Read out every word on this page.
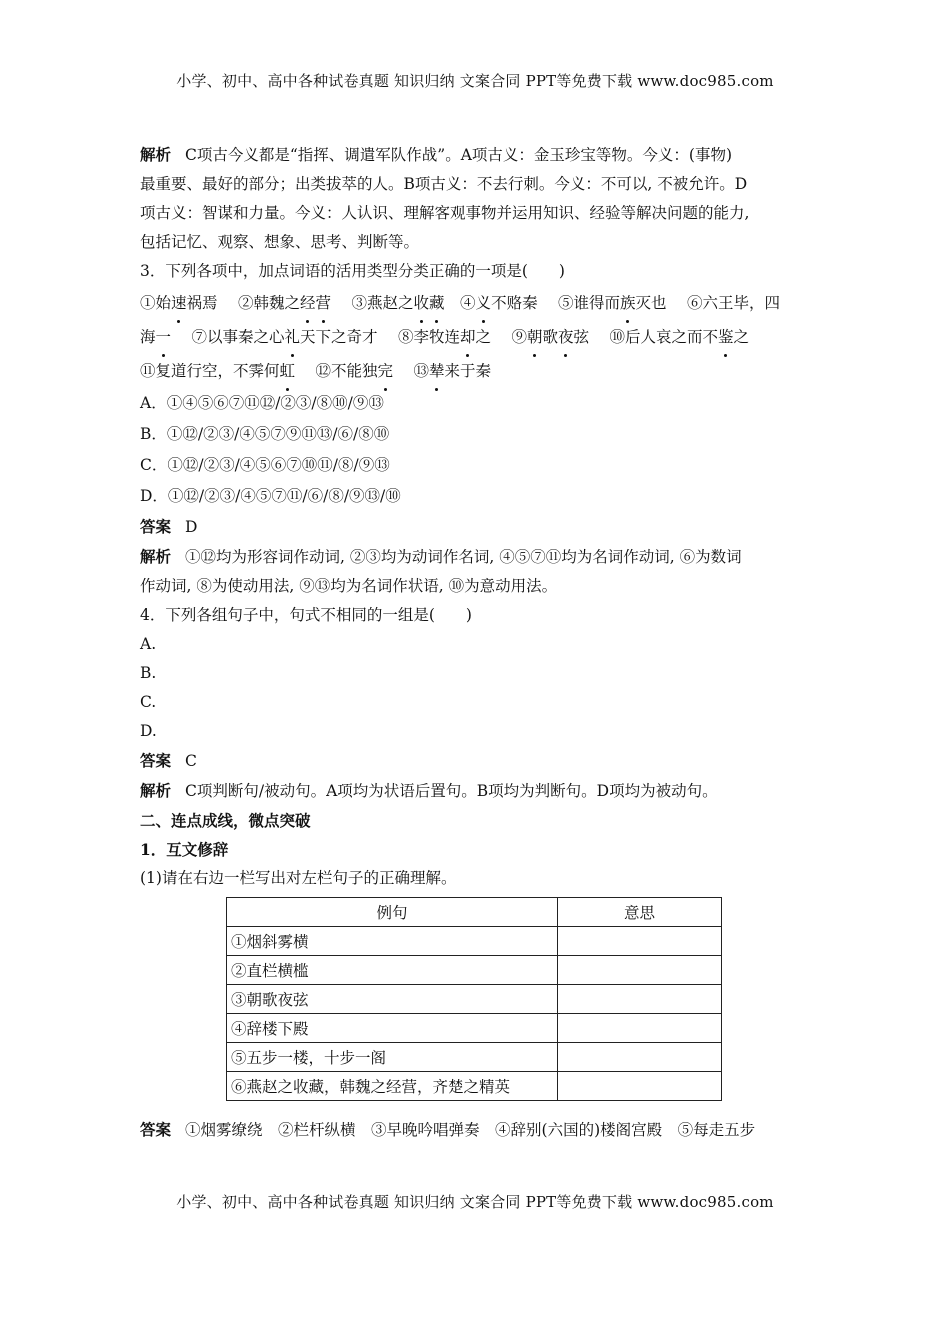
小学、初中、高中各种试卷真题 知识归纳 文案合同 PPT等免费下载 www.doc985.com

解析 C项古今义都是“指挥、调遣军队作战”。A项古义：金玉珍宝等物。今义：(事物)

最重要、最好的部分；出类拔萃的人。B项古义：不去行刺。今义：不可以, 不被允许。D

项古义：智谋和力量。今义：人认识、理解客观事物并运用知识、经验等解决问题的能力,

包括记忆、观察、想象、思考、判断等。

3．下列各项中，加点词语的活用类型分类正确的一项是(　　)

①始速祸焉　 ②韩魏之经营　 ③燕赵之收藏　 ④义不赂秦　 ⑤谁得而族灭也　 ⑥六王毕，四

海一　 ⑦以事秦之心礼天下之奇才　 ⑧李牧连却之　 ⑨朝歌夜弦　 ⑩后人哀之而不鉴之

⑪复道行空，不霁何虹　 ⑫不能独完　 ⑬辇来于秦

A．①④⑤⑥⑦⑪⑫/②③/⑧⑩/⑨⑬

B．①⑫/②③/④⑤⑦⑨⑪⑬/⑥/⑧⑩

C．①⑫/②③/④⑤⑥⑦⑩⑪/⑧/⑨⑬

D．①⑫/②③/④⑤⑦⑪/⑥/⑧/⑨⑬/⑩

答案 D

解析 ①⑫均为形容词作动词, ②③均为动词作名词, ④⑤⑦⑪均为名词作动词, ⑥为数词

作动词, ⑧为使动用法, ⑨⑬均为名词作状语, ⑩为意动用法。

4．下列各组句子中，句式不相同的一组是(　　)

A.

B.

C.

D.

答案 C

解析 C项判断句/被动句。A项均为状语后置句。B项均为判断句。D项均为被动句。

二、连点成线，微点突破

1．互文修辞

(1)请在右边一栏写出对左栏句子的正确理解。

例句	意思
①烟斜雾横	
②直栏横槛	
③朝歌夜弦	
④辞楼下殿	
⑤五步一楼，十步一阁	
⑥燕赵之收藏，韩魏之经营，齐楚之精英	

答案 ①烟雾缭绕　②栏杆纵横　③早晚吟唱弹奏　④辞别(六国的)楼阁宫殿　⑤每走五步

小学、初中、高中各种试卷真题 知识归纳 文案合同 PPT等免费下载 www.doc985.com
